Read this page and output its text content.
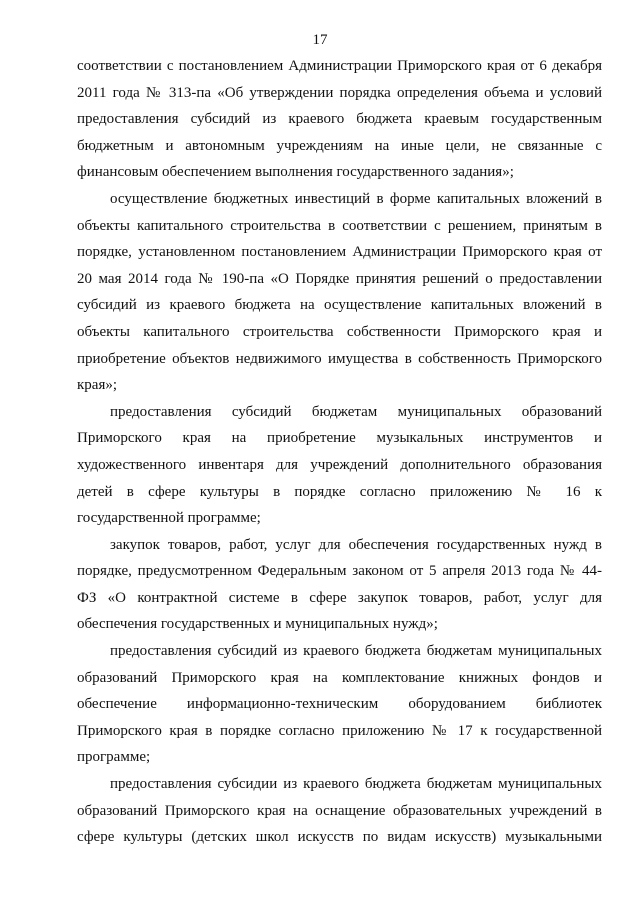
17
соответствии с постановлением Администрации Приморского края от 6 декабря
2011 года № 313-па «Об утверждении порядка определения объема и условий
предоставления субсидий из краевого бюджета краевым государственным
бюджетным и автономным учреждениям на иные цели, не связанные с
финансовым обеспечением выполнения государственного задания»;
осуществление бюджетных инвестиций в форме капитальных вложений в
объекты капитального строительства в соответствии с решением, принятым в
порядке, установленном постановлением Администрации Приморского края от
20 мая 2014 года № 190-па «О Порядке принятия решений о предоставлении
субсидий из краевого бюджета на осуществление капитальных вложений в
объекты капитального строительства собственности Приморского края и
приобретение объектов недвижимого имущества в собственность Приморского
края»;
предоставления субсидий бюджетам муниципальных образований
Приморского края на приобретение музыкальных инструментов и
художественного инвентаря для учреждений дополнительного образования
детей в сфере культуры в порядке согласно приложению № 16 к
государственной программе;
закупок товаров, работ, услуг для обеспечения государственных нужд в
порядке, предусмотренном Федеральным законом от 5 апреля 2013 года № 44-
ФЗ «О контрактной системе в сфере закупок товаров, работ, услуг для
обеспечения государственных и муниципальных нужд»;
предоставления субсидий из краевого бюджета бюджетам муниципальных
образований Приморского края на комплектование книжных фондов и
обеспечение информационно-техническим оборудованием библиотек
Приморского края в порядке согласно приложению № 17 к государственной
программе;
предоставления субсидии из краевого бюджета бюджетам муниципальных
образований Приморского края на оснащение образовательных учреждений в
сфере культуры (детских школ искусств по видам искусств) музыкальными
